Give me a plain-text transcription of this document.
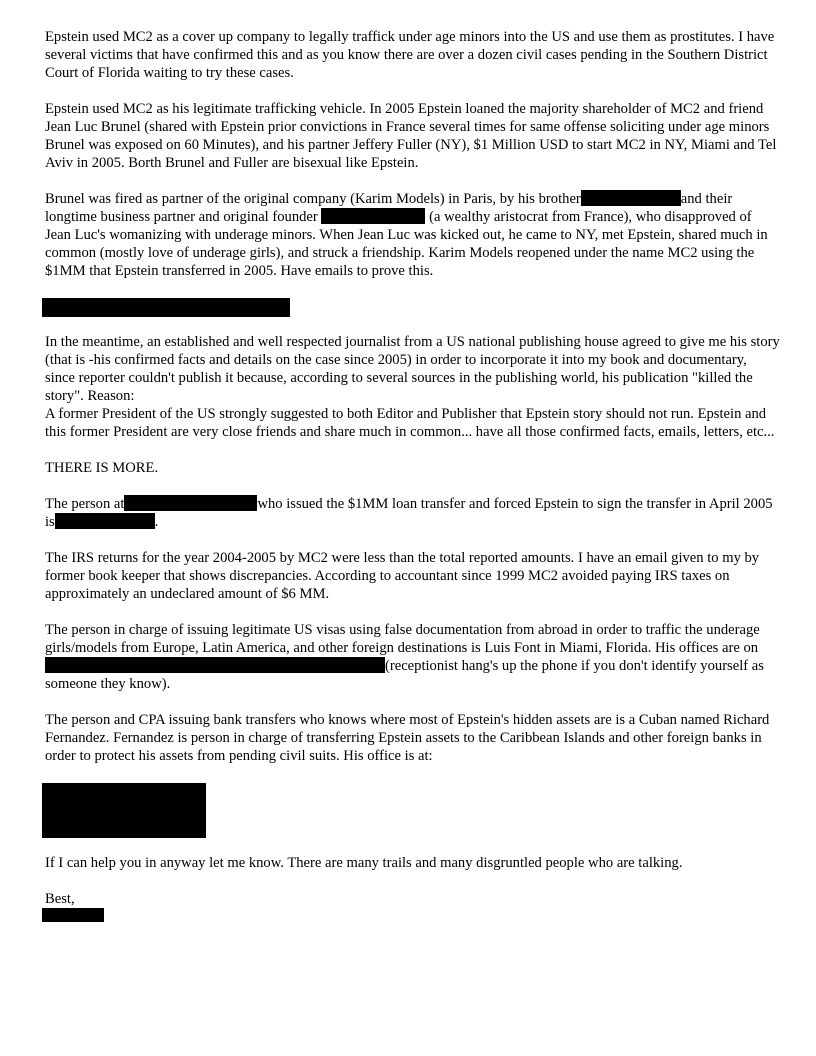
Epstein used MC2 as a cover up company to legally traffick under age minors into the US and use them as prostitutes. I have several victims that have confirmed this and as you know there are over a dozen civil cases pending in the Southern District Court of Florida waiting to try these cases.

Epstein used MC2 as his legitimate trafficking vehicle. In 2005 Epstein loaned the majority shareholder of MC2 and friend Jean Luc Brunel (shared with Epstein prior convictions in France several times for same offense soliciting under age minors Brunel was exposed on 60 Minutes), and his partner Jeffery Fuller (NY), $1 Million USD to start MC2 in NY, Miami and Tel Aviv in 2005. Borth Brunel and Fuller are bisexual like Epstein.

Brunel was fired as partner of the original company (Karim Models) in Paris, by his brother	and their longtime business partner and original founder	(a wealthy aristocrat from France), who disapproved of Jean Luc's womanizing with underage minors. When Jean Luc was kicked out, he came to NY, met Epstein, shared much in common (mostly love of underage girls), and struck a friendship. Karim Models reopened under the name MC2 using the $1MM that Epstein transferred in 2005. Have emails to prove this.

In the meantime, an established and well respected journalist from a US national publishing house agreed to give me his story (that is -his confirmed facts and details on the case since 2005) in order to incorporate it into my book and documentary, since reporter couldn't publish it because, according to several sources in the publishing world, his publication "killed the story". Reason:

A former President of the US strongly suggested to both Editor and Publisher that Epstein story should not run. Epstein and this former President are very close friends and share much in common... have all those confirmed facts, emails, letters, etc...

THERE IS MORE.

The person at	who issued the $1MM loan transfer and forced Epstein to sign the transfer in April 2005 is	.

The IRS returns for the year 2004-2005 by MC2 were less than the total reported amounts. I have an email given to my by former book keeper that shows discrepancies. According to accountant since 1999 MC2 avoided paying IRS taxes on approximately an undeclared amount of $6 MM.

The person in charge of issuing legitimate US visas using false documentation from abroad in order to traffic the underage girls/models from Europe, Latin America, and other foreign destinations is Luis Font in Miami, Florida. His offices are on (receptionist hang's up the phone if you don't identify yourself as someone they know).

The person and CPA issuing bank transfers who knows where most of Epstein's hidden assets are is a Cuban named Richard Fernandez. Fernandez is person in charge of transferring Epstein assets to the Caribbean Islands and other foreign banks in order to protect his assets from pending civil suits. His office is at:

If I can help you in anyway let me know. There are many trails and many disgruntled people who are talking.

Best,
